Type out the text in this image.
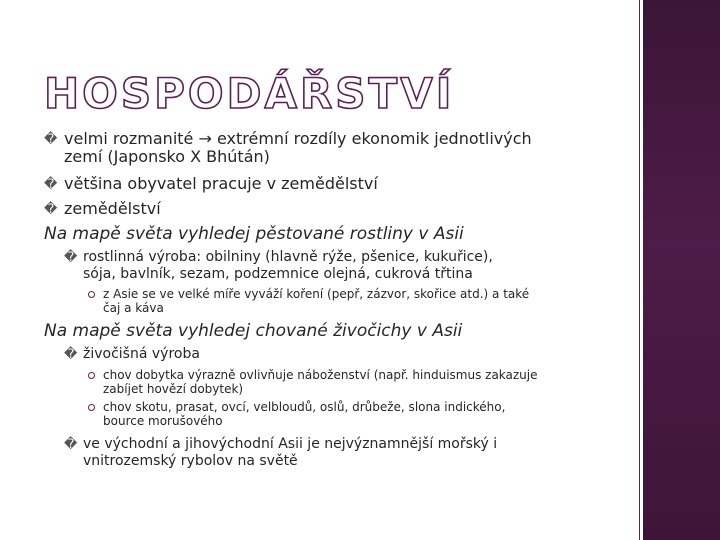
HOSPODÁŘSTVÍ
� velmi rozmanité → extrémní rozdíly ekonomik jednotlivých

zemí (Japonsko X Bhútán)

� většina obyvatel pracuje v zemědělství

� zemědělství

Na mapě světa vyhledej pěstované rostliny v Asii

� rostlinná výroba: obilniny (hlavně rýže, pšenice, kukuřice),

sója, bavlník, sezam, podzemnice olejná, cukrová třtina

z Asie se ve velké míře vyváží koření (pepř, zázvor, skořice atd.) a také

čaj a káva

Na mapě světa vyhledej chované živočichy v Asii

� živočišná výroba

chov dobytka výrazně ovlivňuje náboženství (např. hinduismus zakazuje

zabíjet hovězí dobytek)

chov skotu, prasat, ovcí, velbloudů, oslů, drůbeže, slona indického,

bource morušového

� ve východní a jihovýchodní Asii je nejvýznamnější mořský i

vnitrozemský rybolov na světě
